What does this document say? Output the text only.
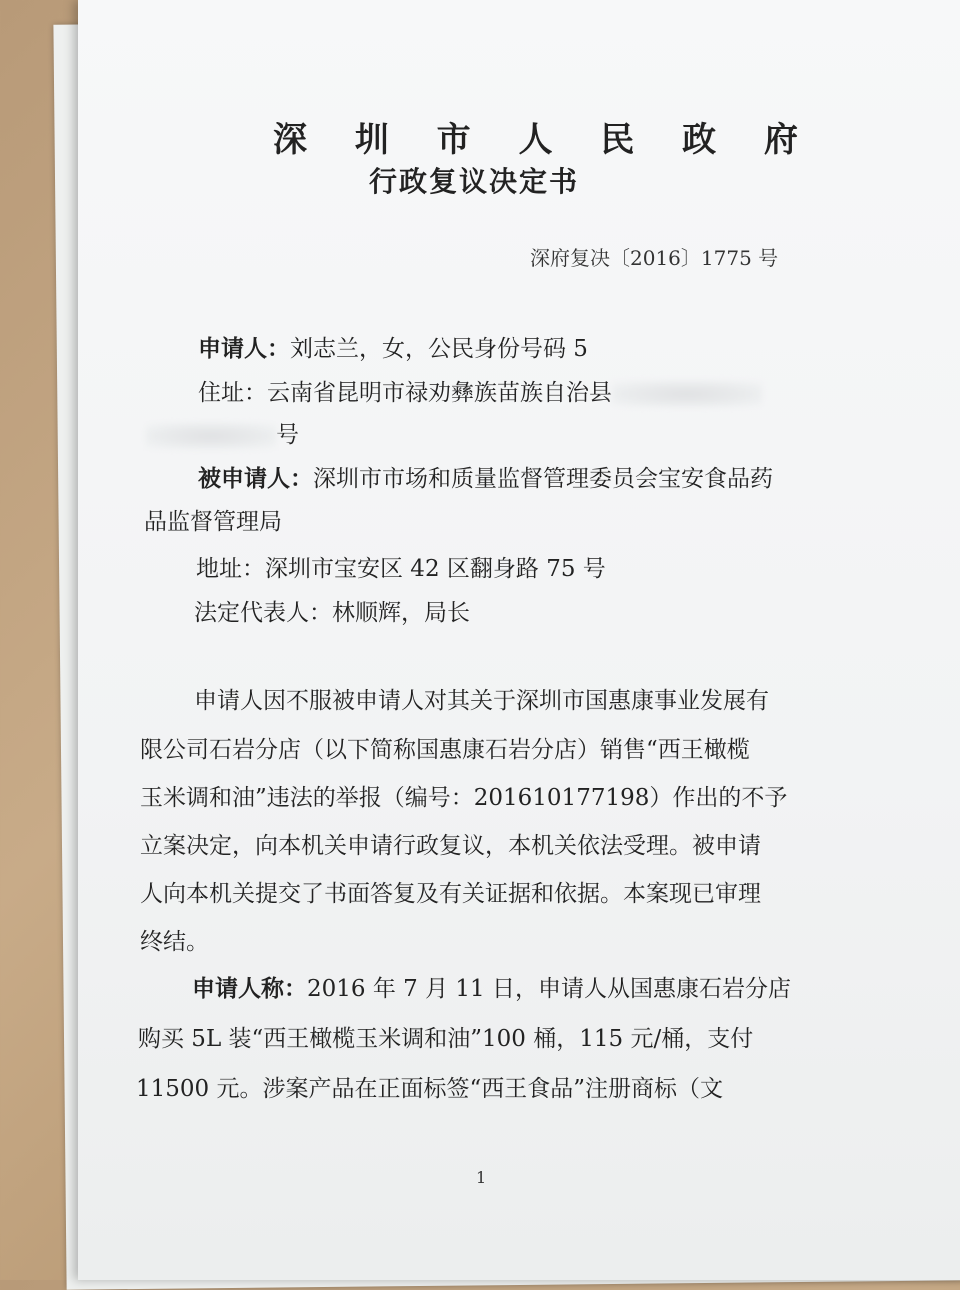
深 圳 市 人 民 政 府
行政复议决定书
深府复决〔2016〕1775 号
申请人：刘志兰，女，公民身份号码 5
住址：云南省昆明市禄劝彝族苗族自治县
号
被申请人：深圳市市场和质量监督管理委员会宝安食品药
品监督管理局
地址：深圳市宝安区 42 区翻身路 75 号
法定代表人：林顺辉，局长
申请人因不服被申请人对其关于深圳市国惠康事业发展有
限公司石岩分店（以下简称国惠康石岩分店）销售“西王橄榄
玉米调和油”违法的举报（编号：201610177198）作出的不予
立案决定，向本机关申请行政复议，本机关依法受理。被申请
人向本机关提交了书面答复及有关证据和依据。本案现已审理
终结。
申请人称：2016 年 7 月 11 日，申请人从国惠康石岩分店
购买 5L 装“西王橄榄玉米调和油”100 桶，115 元/桶，支付
11500 元。涉案产品在正面标签“西王食品”注册商标（文
1
